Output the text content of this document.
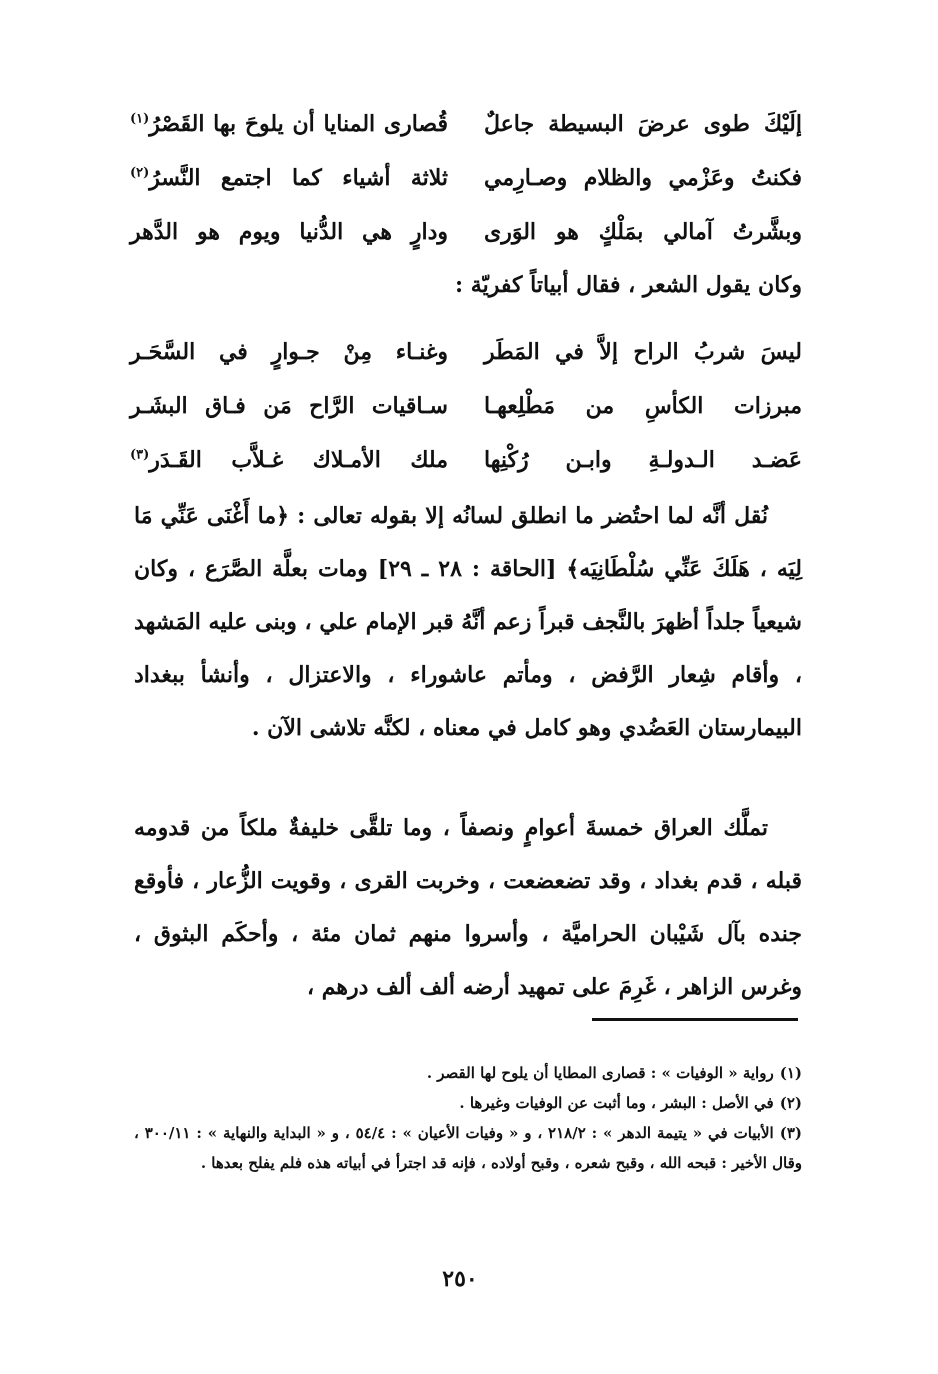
إلَيْكَ طوى عرضَ البسيطة جاعلٌ
قُصارى المنايا أن يلوحَ بها القَصْرُ$^{(١)}$
فكنتُ وعَزْمي والظلام وصـارِمي
ثلاثة أشياء كما اجتمع النَّسرُ$^{(٢)}$
وبشَّرتُ آمالي بمَلْكٍ هو الوَرى
ودارٍ هي الدُّنيا ويوم هو الدَّهر
وكان يقول الشعر ، فقال أبياتاً كفريّة :
ليسَ شربُ الراح إلاَّ في المَطَر
وغنـاء مِنْ جـوارٍ في السَّحَـر
مبرزات الكأسِ من مَطْلِعهـا
سـاقيات الرَّاح مَن فـاق البشَـر
عَضـد الـدولـةِ وابـن رُكْنِها
ملك الأمـلاك غـلاَّب القَـدَر$^{(٣)}$

نُقل أنَّه لما احتُضر ما انطلق لسانُه إلا بقوله تعالى : ﴿ما أَغْنَى عَنِّي مَا لِيَه ، هَلَكَ عَنِّي سُلْطَانِيَه﴾ [الحاقة : ٢٨ ـ ٢٩] ومات بعلَّة الصَّرَع ، وكان شيعياً جلداً أظهرَ بالنَّجف قبراً زعم أنَّهُ قبر الإمام علي ، وبنى عليه المَشهد ، وأقام شِعار الرَّفض ، ومأتم عاشوراء ، والاعتزال ، وأنشأ ببغداد البيمارستان العَضُدي وهو كامل في معناه ، لكنَّه تلاشى الآن .

تملَّك العراق خمسةَ أعوامٍ ونصفاً ، وما تلقَّى خليفةٌ ملكاً من قدومه قبله ، قدم بغداد ، وقد تضعضعت ، وخربت القرى ، وقويت الزُّعار ، فأوقع جنده بآل شَيْبان الحراميَّة ، وأسروا منهم ثمان مئة ، وأحكَم البثوق ، وغرس الزاهر ، غَرِمَ على تمهيد أرضه ألف ألف درهم ،

(١)رواية « الوفيات » : قصارى المطايا أن يلوح لها القصر .

(٢)في الأصل : البشر ، وما أثبت عن الوفيات وغيرها .

(٣)الأبيات في « يتيمة الدهر » : ٢١٨/٢ ، و « وفيات الأعيان » : ٥٤/٤ ، و « البداية والنهاية » : ٣٠٠/١١ ، وقال الأخير : قبحه الله ، وقبح شعره ، وقبح أولاده ، فإنه قد اجترأ في أبياته هذه فلم يفلح بعدها .

٢٥٠
